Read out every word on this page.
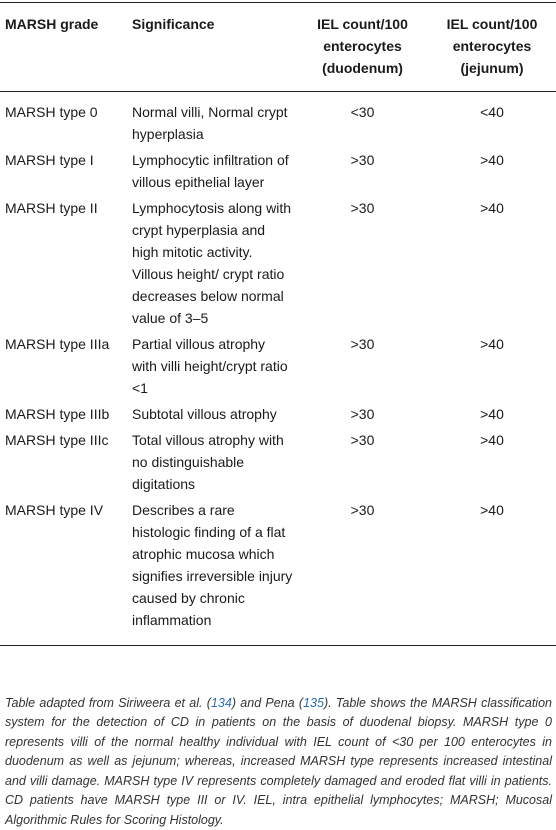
MARSH grade	Significance	IEL count/100 enterocytes (duodenum)	IEL count/100 enterocytes (jejunum)
MARSH type 0	Normal villi, Normal crypt hyperplasia	<30	<40
MARSH type I	Lymphocytic infiltration of villous epithelial layer	>30	>40
MARSH type II	Lymphocytosis along with crypt hyperplasia and high mitotic activity. Villous height/ crypt ratio decreases below normal value of 3–5	>30	>40
MARSH type IIIa	Partial villous atrophy with villi height/crypt ratio <1	>30	>40
MARSH type IIIb	Subtotal villous atrophy	>30	>40
MARSH type IIIc	Total villous atrophy with no distinguishable digitations	>30	>40
MARSH type IV	Describes a rare histologic finding of a flat atrophic mucosa which signifies irreversible injury caused by chronic inflammation	>30	>40

Table adapted from Siriweera et al. (134) and Pena (135). Table shows the MARSH classification system for the detection of CD in patients on the basis of duodenal biopsy. MARSH type 0 represents villi of the normal healthy individual with IEL count of <30 per 100 enterocytes in duodenum as well as jejunum; whereas, increased MARSH type represents increased intestinal and villi damage. MARSH type IV represents completely damaged and eroded flat villi in patients. CD patients have MARSH type III or IV. IEL, intra epithelial lymphocytes; MARSH; Mucosal Algorithmic Rules for Scoring Histology.
